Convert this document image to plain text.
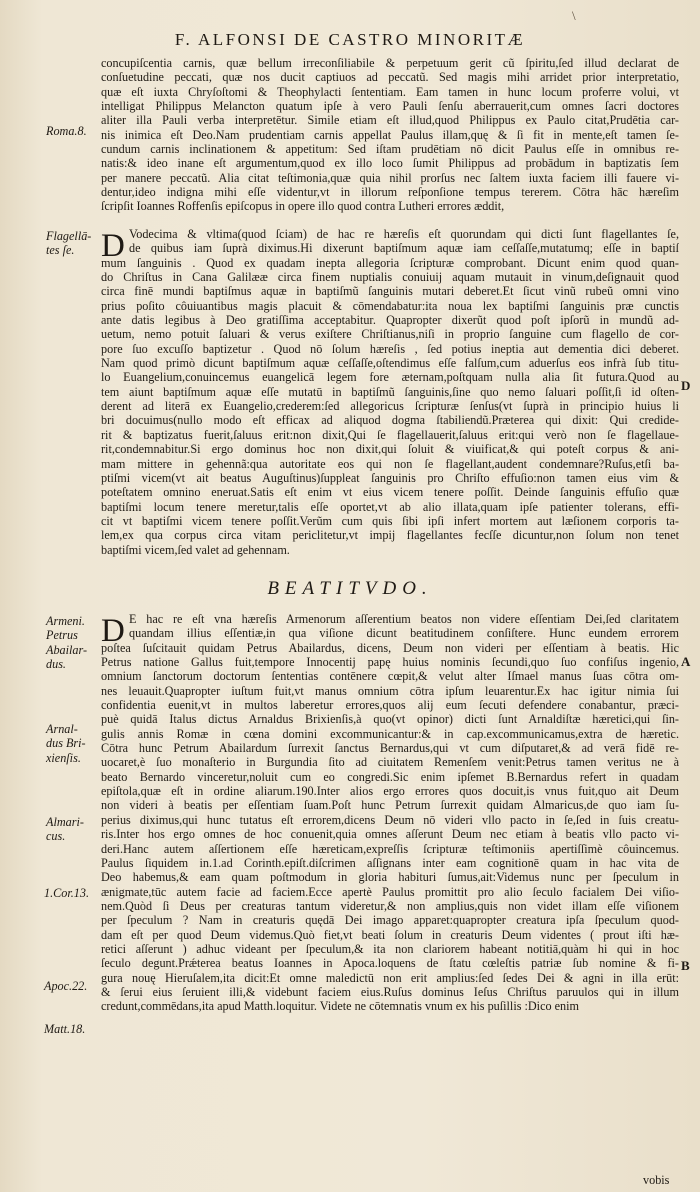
\
F. ALFONSI DE CASTRO MINORITÆ
concupiſcentia carnis, quæ bellum irreconſiliabile & perpetuum gerit cũ ſpiritu,ſed illud declarat de
conſuetudine peccati, quæ nos ducit captiuos ad peccatũ. Sed magis mihi arridet prior interpretatio,
quæ eſt iuxta Chryſoſtomi & Theophylacti ſententiam. Eam tamen in hunc locum proferre volui, vt
intelligat Philippus Melancton quatum ipſe à vero Pauli ſenſu aberrauerit,cum omnes ſacri doctores
aliter illa Pauli verba interpretētur. Simile etiam eſt illud,quod Philippus ex Paulo citat,Prudētia car-
nis inimica eſt Deo.Nam prudentiam carnis appellat Paulus illam,quę & ſi fit in mente,eſt tamen ſe-
cundum carnis inclinationem & appetitum: Sed iſtam prudētiam nō dicit Paulus eſſe in omnibus re-
natis:& ideo inane eſt argumentum,quod ex illo loco ſumit Philippus ad probādum in baptizatis ſem
per manere peccatũ. Alia citat teſtimonia,quæ quia nihil prorſus nec ſaltem iuxta faciem illi fauere vi-
dentur,ideo indigna mihi eſſe videntur,vt in illorum reſponſione tempus tererem. Cōtra hāc hæreſim
ſcripſit Ioannes Roffenſis epiſcopus in opere illo quod contra Lutheri errores æddit,
D Vodecima & vltima(quod ſciam) de hac re hæreſis eſt quorundam qui dicti ſunt flagellantes ſe,
de quibus iam ſuprà diximus.Hi dixerunt baptiſmum aquæ iam ceſſaſſe,mutatumq; eſſe in baptiſ
mum ſanguinis . Quod ex quadam inepta allegoria ſcripturæ comprobant. Dicunt enim quod quan-
do Chriſtus in Cana Galilææ circa finem nuptialis conuiuij aquam mutauit in vinum,deſignauit quod
circa finē mundi baptiſmus aquæ in baptiſmũ ſanguinis mutari deberet.Et ſicut vinũ rubeũ omni vino
prius poſito côuiuantibus magis placuit & cōmendabatur:ita noua lex baptiſmi ſanguinis præ cunctis
ante datis legibus à Deo gratiſſima acceptabitur. Quapropter dixerũt quod poſt ipſorũ in mundũ ad-
uetum, nemo potuit ſaluari & verus exiſtere Chriſtianus,niſi in proprio ſanguine cum flagello de cor-
pore ſuo excuſſo baptizetur . Quod nō ſolum hæreſis , ſed potius ineptia aut dementia dici deberet.
Nam quod primò dicunt baptiſmum aquæ ceſſaſſe,oſtendimus eſſe falſum,cum aduerſus eos infrà ſub titu-
lo Euangelium,conuincemus euangelicā legem fore æternam,poſtquam nulla alia ſit futura.Quod au
tem aiunt baptiſmum aquæ eſſe mutatū in baptiſmũ ſanguinis,ſine quo nemo ſaluari poſſit,ſi id oſten-
derent ad literā ex Euangelio,crederem:ſed allegoricus ſcripturæ ſenſus(vt ſuprà in principio huius li
bri docuimus(nullo modo eſt efficax ad aliquod dogma ſtabiliendũ.Præterea qui dixit: Qui credide-
rit & baptizatus fuerit,ſaluus erit:non dixit,Qui ſe flagellauerit,ſaluus erit:qui verò non ſe flagellaue-
rit,condemnabitur.Si ergo dominus hoc non dixit,qui ſoluit & viuificat,& qui poteſt corpus & ani-
mam mittere in gehennã:qua autoritate eos qui non ſe flagellant,audent condemnare?Ruſus,etſi ba-
ptiſmi vicem(vt ait beatus Auguſtinus)ſuppleat ſanguinis pro Chriſto effuſio:non tamen eius vim &
poteſtatem omnino eneruat.Satis eſt enim vt eius vicem tenere poſſit. Deinde ſanguinis effuſio quæ
baptiſmi locum tenere meretur,talis eſſe oportet,vt ab alio illata,quam ipſe patienter tolerans, effi-
cit vt baptiſmi vicem tenere poſſit.Verũm cum quis ſibi ipſi infert mortem aut læſionem corporis ta-
lem,ex qua corpus circa vitam periclitetur,vt impij flagellantes fecſſe dicuntur,non ſolum non tenet
baptiſmi vicem,ſed valet ad gehennam.
BEATITVDO.
D E hac re eſt vna hæreſis Armenorum aſſerentium beatos non videre eſſentiam Dei,ſed claritatem
quandam illius eſſentiæ,in qua viſione dicunt beatitudinem conſiſtere. Hunc eundem errorem
poſtea ſuſcitauit quidam Petrus Abailardus, dicens, Deum non videri per eſſentiam à beatis. Hic
Petrus natione Gallus fuit,tempore Innocentij papę huius nominis ſecundi,quo ſuo confiſus ingenio,
omnium ſanctorum doctorum ſententias contēnere cœpit,& velut alter Iſmael manus ſuas cōtra om-
nes leuauit.Quapropter iuſtum fuit,vt manus omnium cōtra ipſum leuarentur.Ex hac igitur nimia ſui
confidentia euenit,vt in multos laberetur errores,quos alij eum ſecuti defendere conabantur, præci-
puè quidā Italus dictus Arnaldus Brixienſis,à quo(vt opinor) dicti ſunt Arnaldiſtæ hæretici,qui ſin-
gulis annis Romæ in cœna domini excommunicantur:& in cap.excommunicamus,extra de hæretic.
Cōtra hunc Petrum Abailardum ſurrexit ſanctus Bernardus,qui vt cum diſputaret,& ad verā fidē re-
uocaret,è ſuo monaſterio in Burgundia ſito ad ciuitatem Remenſem venit:Petrus tamen veritus ne à
beato Bernardo vinceretur,noluit cum eo congredi.Sic enim ipſemet B.Bernardus refert in quadam
epiſtola,quæ eſt in ordine aliarum.190.Inter alios ergo errores quos docuit,is vnus fuit,quo ait Deum
non videri à beatis per eſſentiam ſuam.Poſt hunc Petrum ſurrexit quidam Almaricus,de quo iam ſu-
perius diximus,qui hunc tutatus eſt errorem,dicens Deum nō videri vllo pacto in ſe,ſed in ſuis creatu-
ris.Inter hos ergo omnes de hoc conuenit,quia omnes aſſerunt Deum nec etiam à beatis vllo pacto vi-
deri.Hanc autem aſſertionem eſſe hæreticam,expreſſis ſcripturæ teſtimoniis apertiſſimè côuincemus.
Paulus ſiquidem in.1.ad Corinth.epiſt.diſcrimen aſſignans inter eam cognitionē quam in hac vita de
Deo habemus,& eam quam poſtmodum in gloria habituri ſumus,ait:Videmus nunc per ſpeculum in
ænigmate,tūc autem facie ad faciem.Ecce apertè Paulus promittit pro alio ſeculo facialem Dei viſio-
nem.Quòd ſi Deus per creaturas tantum videretur,& non amplius,quis non videt illam eſſe viſionem
per ſpeculum ? Nam in creaturis quędā Dei imago apparet:quapropter creatura ipſa ſpeculum quod-
dam eſt per quod Deum videmus.Quò fiet,vt beati ſolum in creaturis Deum videntes ( prout iſti hæ-
retici aſſerunt ) adhuc videant per ſpeculum,& ita non clariorem habeant notitiā,quàm hi qui in hoc
ſeculo degunt.Prǽterea beatus Ioannes in Apoca.loquens de ſtatu cœleſtis patriæ ſub nomine & fi-
gura nouę Hieruſalem,ita dicit:Et omne maledictū non erit amplius:ſed ſedes Dei & agni in illa erūt:
& ſerui eius ſeruient illi,& videbunt faciem eius.Ruſus dominus Ieſus Chriſtus paruulos qui in illum
credunt,commēdans,ita apud Matth.loquitur. Videte ne cōtemnatis vnum ex his puſillis :Dico enim
Roma.8.
Flagellā-
tes ſe.
Armeni.
Petrus
Abailar-
dus.
Arnal-
dus Bri-
xienſis.
Almari-
cus.
1.Cor.13.
Apoc.22.
Matt.18.
D
A
B
vobis
